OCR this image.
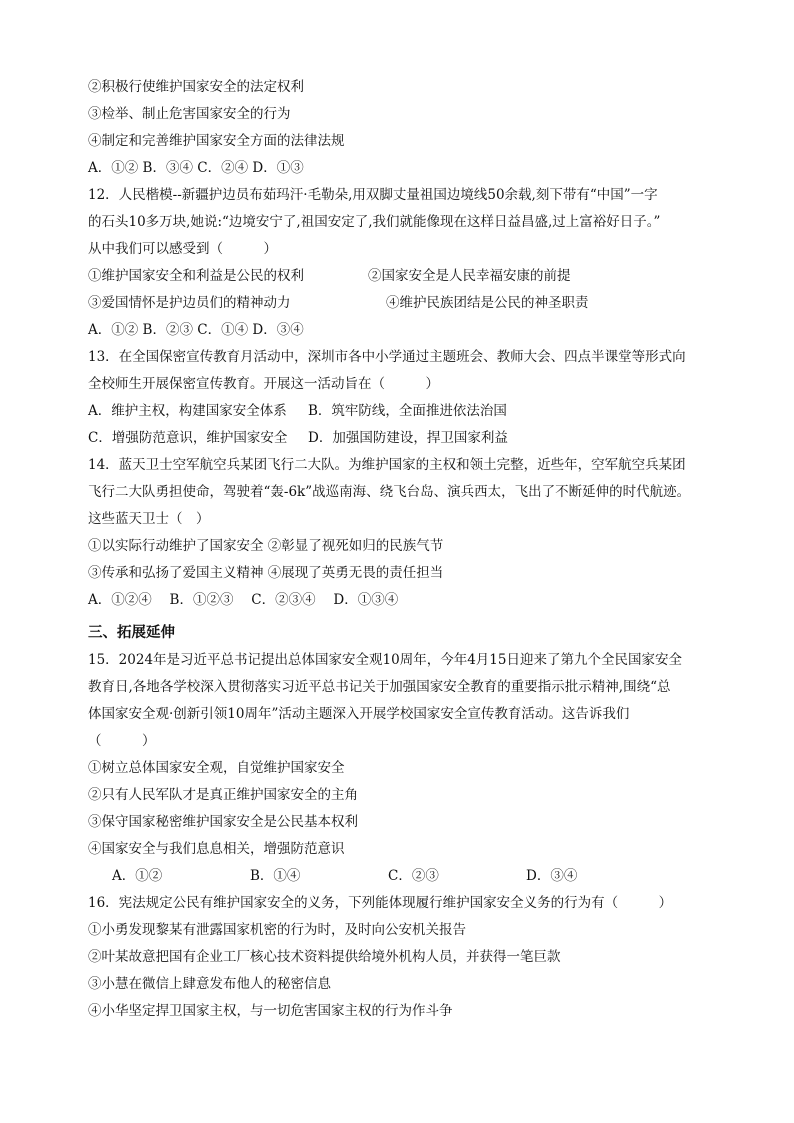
②积极行使维护国家安全的法定权利
③检举、制止危害国家安全的行为
④制定和完善维护国家安全方面的法律法规
A．①② B．③④ C．②④ D．①③
12．人民楷模--新疆护边员布茹玛汗·毛勒朵,用双脚丈量祖国边境线50余载,刻下带有“中国”一字
的石头10多万块,她说:“边境安宁了,祖国安定了,我们就能像现在这样日益昌盛,过上富裕好日子。”
从中我们可以感受到（　　　）
①维护国家安全和利益是公民的权利	②国家安全是人民幸福安康的前提
③爱国情怀是护边员们的精神动力	④维护民族团结是公民的神圣职责
A．①② B．②③ C．①④ D．③④
13．在全国保密宣传教育月活动中，深圳市各中小学通过主题班会、教师大会、四点半课堂等形式向
全校师生开展保密宣传教育。开展这一活动旨在（　　　）
A．维护主权，构建国家安全体系 B．筑牢防线，全面推进依法治国
C．增强防范意识，维护国家安全 D．加强国防建设，捍卫国家利益
14．蓝天卫士空军航空兵某团飞行二大队。为维护国家的主权和领土完整，近些年，空军航空兵某团
飞行二大队勇担使命，驾驶着“轰-6k”战巡南海、绕飞台岛、演兵西太，飞出了不断延伸的时代航迹。
这些蓝天卫士（　）
①以实际行动维护了国家安全 ②彰显了视死如归的民族气节
③传承和弘扬了爱国主义精神 ④展现了英勇无畏的责任担当
A．①②④　 B．①②③　 C．②③④　 D．①③④
三、拓展延伸
15．2024年是习近平总书记提出总体国家安全观10周年，今年4月15日迎来了第九个全民国家安全
教育日,各地各学校深入贯彻落实习近平总书记关于加强国家安全教育的重要指示批示精神,围绕“总
体国家安全观·创新引领10周年”活动主题深入开展学校国家安全宣传教育活动。这告诉我们
（　　　）
①树立总体国家安全观，自觉维护国家安全
②只有人民军队才是真正维护国家安全的主角
③保守国家秘密维护国家安全是公民基本权利
④国家安全与我们息息相关，增强防范意识
A．①②	B．①④	C．②③	D．③④
16．宪法规定公民有维护国家安全的义务，下列能体现履行维护国家安全义务的行为有（　　　）
①小勇发现黎某有泄露国家机密的行为时，及时向公安机关报告
②叶某故意把国有企业工厂核心技术资料提供给境外机构人员，并获得一笔巨款
③小慧在微信上肆意发布他人的秘密信息
④小华坚定捍卫国家主权，与一切危害国家主权的行为作斗争
